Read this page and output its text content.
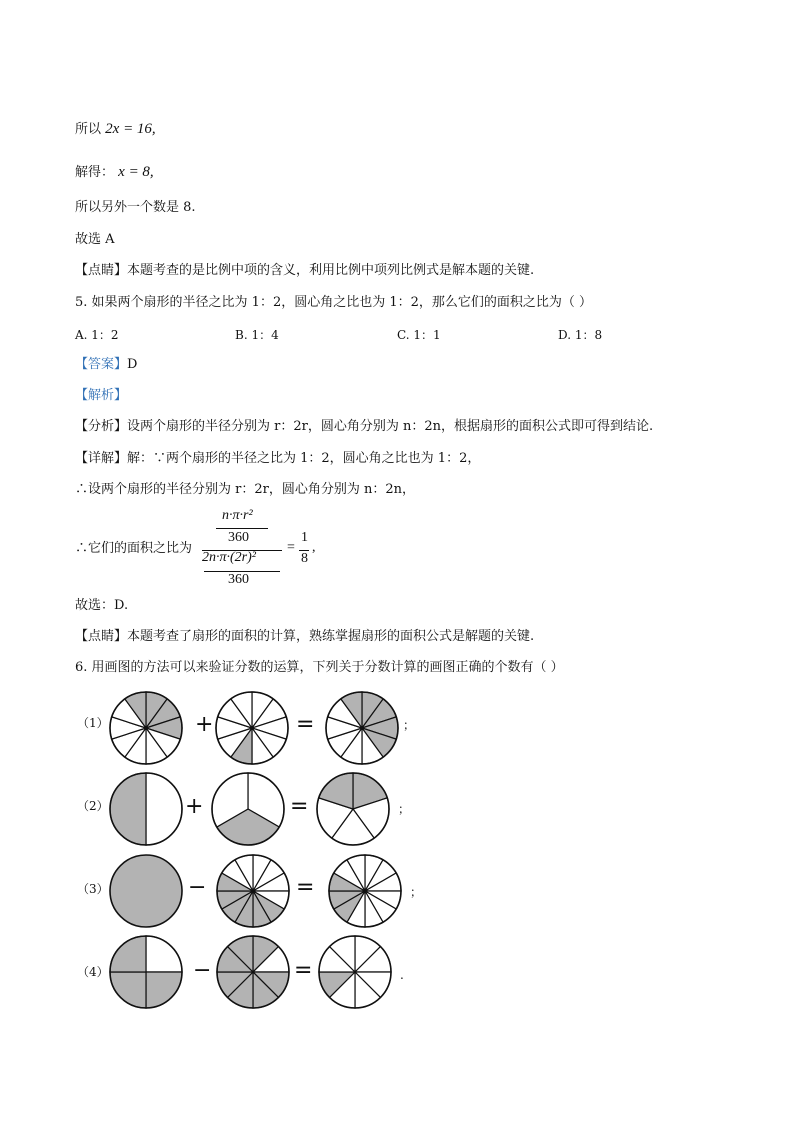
所以 2x = 16,
解得： x = 8,
所以另外一个数是 8.
故选 A
【点睛】本题考查的是比例中项的含义，利用比例中项列比例式是解本题的关键.
5. 如果两个扇形的半径之比为 1：2，圆心角之比也为 1：2，那么它们的面积之比为（ ）
A. 1：2	B. 1：4	C. 1：1	D. 1：8
【答案】D
【解析】
【分析】设两个扇形的半径分别为 r：2r，圆心角分别为 n：2n，根据扇形的面积公式即可得到结论.
【详解】解：∵两个扇形的半径之比为 1：2，圆心角之比也为 1：2，
∴设两个扇形的半径分别为 r：2r，圆心角分别为 n：2n，
∴它们的面积之比为
n·π·r²
360
2n·π·(2r)²
360
=
1
8
,
故选：D.
【点睛】本题考查了扇形的面积的计算，熟练掌握扇形的面积公式是解题的关键.
6. 用画图的方法可以来验证分数的运算，下列关于分数计算的画图正确的个数有（ ）
（1）	+	=	；
（2）	+	=	；
（3）	−	=	；
（4）	−	=	.
